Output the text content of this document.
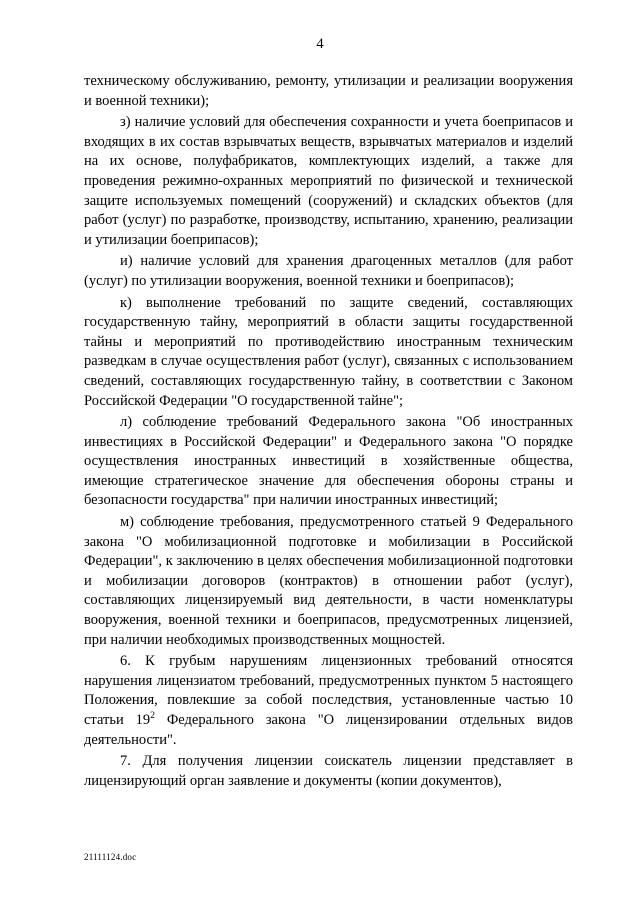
4

техническому обслуживанию, ремонту, утилизации и реализации вооружения и военной техники);

з) наличие условий для обеспечения сохранности и учета боеприпасов и входящих в их состав взрывчатых веществ, взрывчатых материалов и изделий на их основе, полуфабрикатов, комплектующих изделий, а также для проведения режимно-охранных мероприятий по физической и технической защите используемых помещений (сооружений) и складских объектов (для работ (услуг) по разработке, производству, испытанию, хранению, реализации и утилизации боеприпасов);

и) наличие условий для хранения драгоценных металлов (для работ (услуг) по утилизации вооружения, военной техники и боеприпасов);

к) выполнение требований по защите сведений, составляющих государственную тайну, мероприятий в области защиты государственной тайны и мероприятий по противодействию иностранным техническим разведкам в случае осуществления работ (услуг), связанных с использованием сведений, составляющих государственную тайну, в соответствии с Законом Российской Федерации "О государственной тайне";

л) соблюдение требований Федерального закона "Об иностранных инвестициях в Российской Федерации" и Федерального закона "О порядке осуществления иностранных инвестиций в хозяйственные общества, имеющие стратегическое значение для обеспечения обороны страны и безопасности государства" при наличии иностранных инвестиций;

м) соблюдение требования, предусмотренного статьей 9 Федерального закона "О мобилизационной подготовке и мобилизации в Российской Федерации", к заключению в целях обеспечения мобилизационной подготовки и мобилизации договоров (контрактов) в отношении работ (услуг), составляющих лицензируемый вид деятельности, в части номенклатуры вооружения, военной техники и боеприпасов, предусмотренных лицензией, при наличии необходимых производственных мощностей.

6. К грубым нарушениям лицензионных требований относятся нарушения лицензиатом требований, предусмотренных пунктом 5 настоящего Положения, повлекшие за собой последствия, установленные частью 10 статьи $19^2$ Федерального закона "О лицензировании отдельных видов деятельности".

7. Для получения лицензии соискатель лицензии представляет в лицензирующий орган заявление и документы (копии документов),

21111124.doc
